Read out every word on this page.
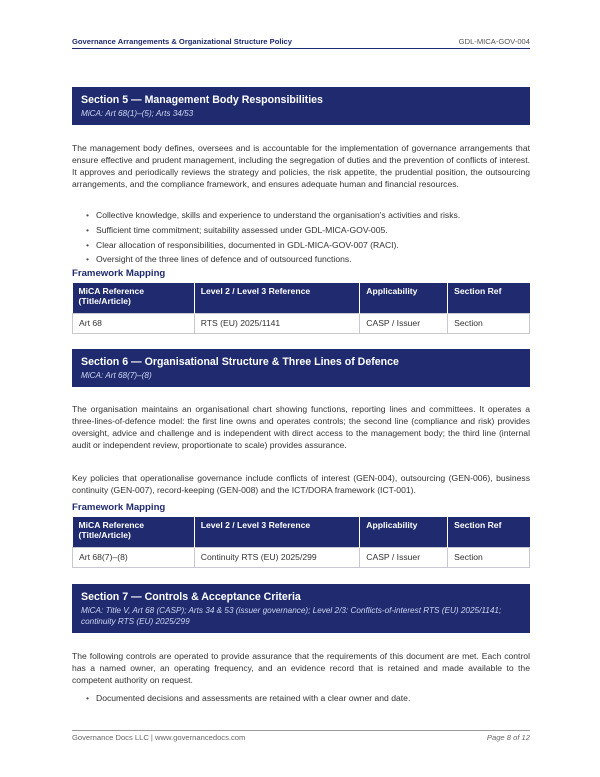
Governance Arrangements & Organizational Structure Policy	GDL-MICA-GOV-004
Section 5 — Management Body Responsibilities
MiCA: Art 68(1)–(5); Arts 34/53

The management body defines, oversees and is accountable for the implementation of governance arrangements that ensure effective and prudent management, including the segregation of duties and the prevention of conflicts of interest. It approves and periodically reviews the strategy and policies, the risk appetite, the prudential position, the outsourcing arrangements, and the compliance framework, and ensures adequate human and financial resources.

• Collective knowledge, skills and experience to understand the organisation's activities and risks.
• Sufficient time commitment; suitability assessed under GDL-MICA-GOV-005.
• Clear allocation of responsibilities, documented in GDL-MICA-GOV-007 (RACI).
• Oversight of the three lines of defence and of outsourced functions.
Framework Mapping
MiCA Reference (Title/Article)	Level 2 / Level 3 Reference	Applicability	Section Ref
Art 68	RTS (EU) 2025/1141	CASP / Issuer	Section
Section 6 — Organisational Structure & Three Lines of Defence
MiCA: Art 68(7)–(8)

The organisation maintains an organisational chart showing functions, reporting lines and committees. It operates a three-lines-of-defence model: the first line owns and operates controls; the second line (compliance and risk) provides oversight, advice and challenge and is independent with direct access to the management body; the third line (internal audit or independent review, proportionate to scale) provides assurance.

Key policies that operationalise governance include conflicts of interest (GEN-004), outsourcing (GEN-006), business continuity (GEN-007), record-keeping (GEN-008) and the ICT/DORA framework (ICT-001).

Framework Mapping
MiCA Reference (Title/Article)	Level 2 / Level 3 Reference	Applicability	Section Ref
Art 68(7)–(8)	Continuity RTS (EU) 2025/299	CASP / Issuer	Section
Section 7 — Controls & Acceptance Criteria
MiCA: Title V, Art 68 (CASP); Arts 34 & 53 (issuer governance); Level 2/3: Conflicts-of-interest RTS (EU) 2025/1141; continuity RTS (EU) 2025/299

The following controls are operated to provide assurance that the requirements of this document are met. Each control has a named owner, an operating frequency, and an evidence record that is retained and made available to the competent authority on request.

• Documented decisions and assessments are retained with a clear owner and date.
Governance Docs LLC | www.governancedocs.com	Page 8 of 12
